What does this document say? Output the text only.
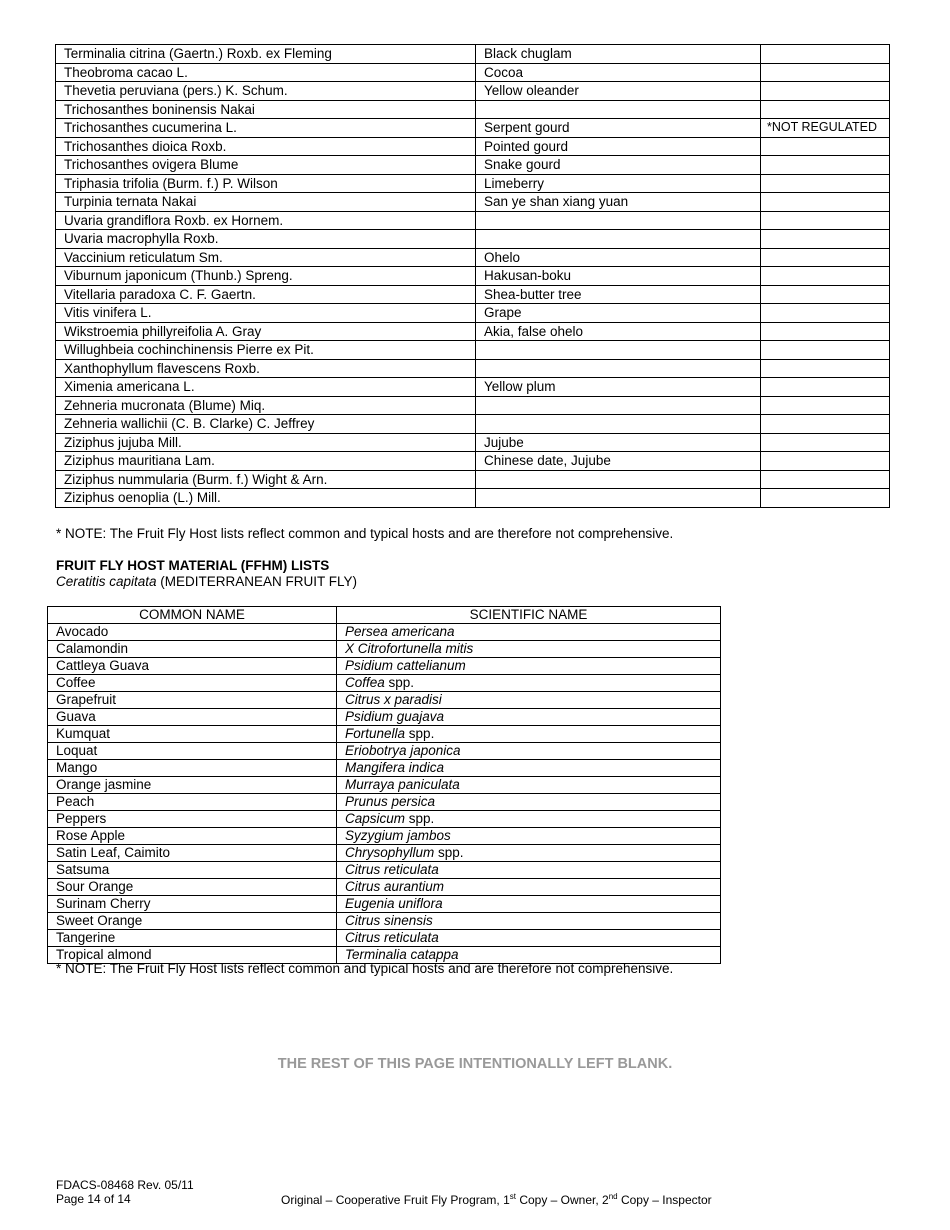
Terminalia citrina (Gaertn.) Roxb. ex Fleming	Black chuglam	
Theobroma cacao L.	Cocoa	
Thevetia peruviana (pers.) K. Schum.	Yellow oleander	
Trichosanthes boninensis Nakai		
Trichosanthes cucumerina L.	Serpent gourd	*NOT REGULATED
Trichosanthes dioica Roxb.	Pointed gourd	
Trichosanthes ovigera Blume	Snake gourd	
Triphasia trifolia (Burm. f.) P. Wilson	Limeberry	
Turpinia ternata Nakai	San ye shan xiang yuan	
Uvaria grandiflora Roxb. ex Hornem.		
Uvaria macrophylla Roxb.		
Vaccinium reticulatum Sm.	Ohelo	
Viburnum japonicum (Thunb.) Spreng.	Hakusan-boku	
Vitellaria paradoxa C. F. Gaertn.	Shea-butter tree	
Vitis vinifera L.	Grape	
Wikstroemia phillyreifolia A. Gray	Akia, false ohelo	
Willughbeia cochinchinensis Pierre ex Pit.		
Xanthophyllum flavescens Roxb.		
Ximenia americana L.	Yellow plum	
Zehneria mucronata (Blume) Miq.		
Zehneria wallichii (C. B. Clarke) C. Jeffrey		
Ziziphus jujuba Mill.	Jujube	
Ziziphus mauritiana Lam.	Chinese date, Jujube	
Ziziphus nummularia (Burm. f.) Wight & Arn.		
Ziziphus oenoplia (L.) Mill.		
* NOTE: The Fruit Fly Host lists reflect common and typical hosts and are therefore not comprehensive.
FRUIT FLY HOST MATERIAL (FFHM) LISTS
Ceratitis capitata (MEDITERRANEAN FRUIT FLY)
COMMON NAME	SCIENTIFIC NAME
Avocado	Persea americana
Calamondin	X Citrofortunella mitis
Cattleya Guava	Psidium cattelianum
Coffee	Coffea spp.
Grapefruit	Citrus x paradisi
Guava	Psidium guajava
Kumquat	Fortunella spp.
Loquat	Eriobotrya japonica
Mango	Mangifera indica
Orange jasmine	Murraya paniculata
Peach	Prunus persica
Peppers	Capsicum spp.
Rose Apple	Syzygium jambos
Satin Leaf, Caimito	Chrysophyllum spp.
Satsuma	Citrus reticulata
Sour Orange	Citrus aurantium
Surinam Cherry	Eugenia uniflora
Sweet Orange	Citrus sinensis
Tangerine	Citrus reticulata
Tropical almond	Terminalia catappa
* NOTE: The Fruit Fly Host lists reflect common and typical hosts and are therefore not comprehensive.
THE REST OF THIS PAGE INTENTIONALLY LEFT BLANK.
FDACS-08468 Rev. 05/11
Page 14 of 14	Original – Cooperative Fruit Fly Program, 1st Copy – Owner, 2nd Copy – Inspector
